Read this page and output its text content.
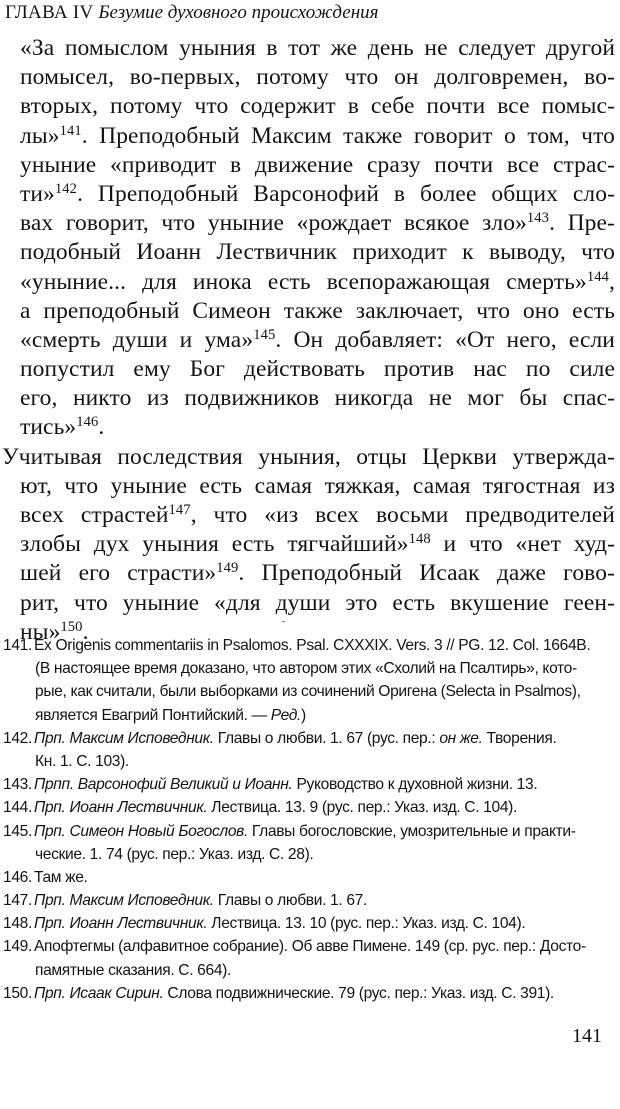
ГЛАВА IV Безумие духовного происхождения
«За помыслом уныния в тот же день не следует другой
помысел, во-первых, потому что он долговремен, во-
вторых, потому что содержит в себе почти все помыс-
лы»$^{141}$. Преподобный Максим также говорит о том, что
уныние «приводит в движение сразу почти все страс-
ти»$^{142}$. Преподобный Варсонофий в более общих сло-
вах говорит, что уныние «рождает всякое зло»$^{143}$. Пре-
подобный Иоанн Лествичник приходит к выводу, что
«уныние... для инока есть всепоражающая смерть»$^{144}$,
а преподобный Симеон также заключает, что оно есть
«смерть души и ума»$^{145}$. Он добавляет: «От него, если
попустил ему Бог действовать против нас по силе
его, никто из подвижников никогда не мог бы спас-
тись»$^{146}$.
Учитывая последствия уныния, отцы Церкви утвержда-
ют, что уныние есть самая тяжкая, самая тягостная из
всех страстей$^{147}$, что «из всех восьми предводителей
злобы дух уныния есть тягчайший»$^{148}$ и что «нет худ-
шей его страсти»$^{149}$. Преподобный Исаак даже гово-
рит, что уныние «для души это есть вкушение геен-
ны»$^{150}$.
141. Ex Origenis commentariis in Psalomos. Psal. CXXXIX. Vers. 3 // PG. 12. Col. 1664B.
(В настоящее время доказано, что автором этих «Схолий на Псалтирь», кото-
рые, как считали, были выборками из сочинений Оригена (Selecta in Psalmos),
является Евагрий Понтийский. — Ред.)
142. Прп. Максим Исповедник. Главы о любви. 1. 67 (рус. пер.: он же. Творения.
Кн. 1. С. 103).
143. Прпп. Варсонофий Великий и Иоанн. Руководство к духовной жизни. 13.
144. Прп. Иоанн Лествичник. Лествица. 13. 9 (рус. пер.: Указ. изд. С. 104).
145. Прп. Симеон Новый Богослов. Главы богословские, умозрительные и практи-
ческие. 1. 74 (рус. пер.: Указ. изд. С. 28).
146. Там же.
147. Прп. Максим Исповедник. Главы о любви. 1. 67.
148. Прп. Иоанн Лествичник. Лествица. 13. 10 (рус. пер.: Указ. изд. С. 104).
149. Апофтегмы (алфавитное собрание). Об авве Пимене. 149 (ср. рус. пер.: Досто-
памятные сказания. С. 664).
150. Прп. Исаак Сирин. Слова подвижнические. 79 (рус. пер.: Указ. изд. С. 391).
141
